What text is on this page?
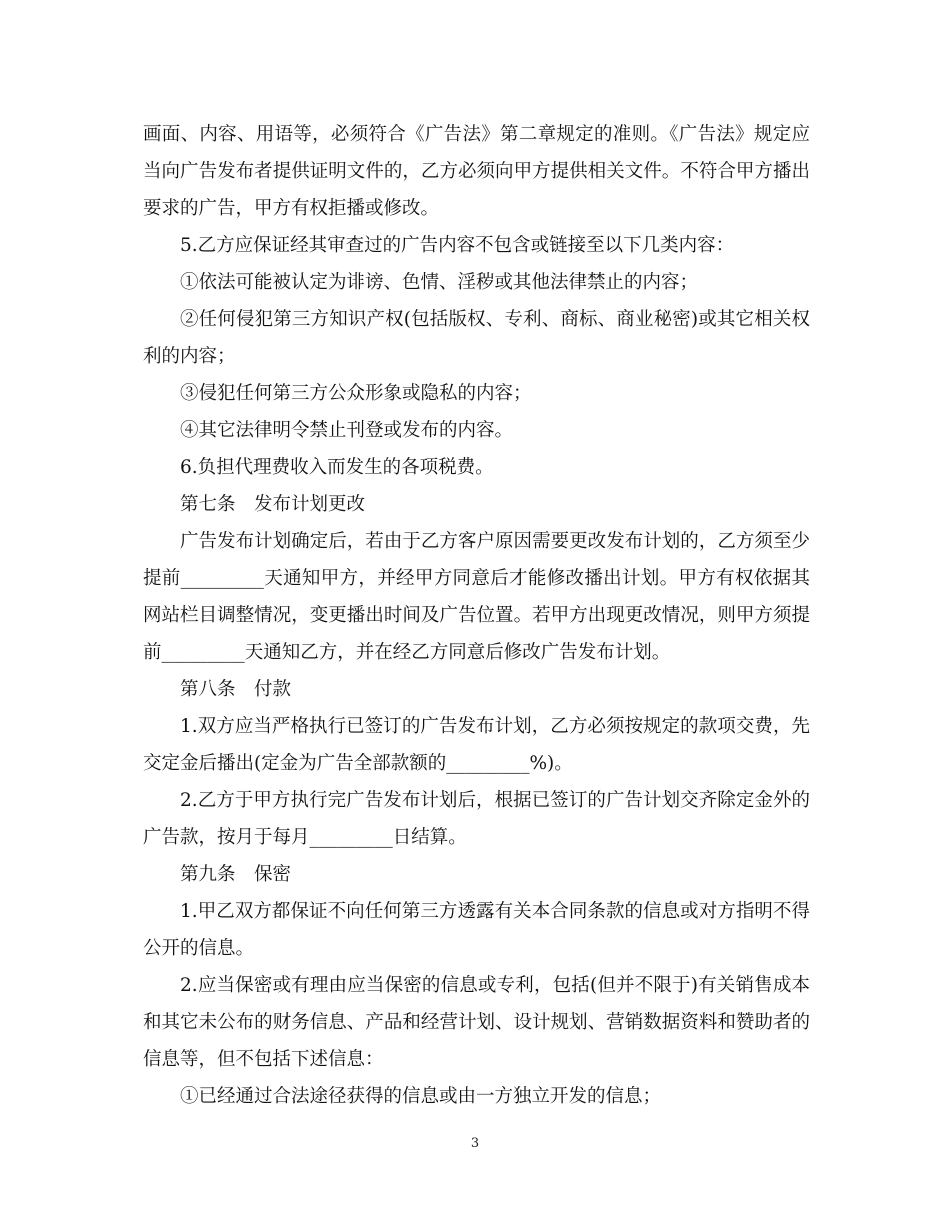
画面、内容、用语等，必须符合《广告法》第二章规定的准则。《广告法》规定应当向广告发布者提供证明文件的，乙方必须向甲方提供相关文件。不符合甲方播出要求的广告，甲方有权拒播或修改。

5.乙方应保证经其审查过的广告内容不包含或链接至以下几类内容：

①依法可能被认定为诽谤、色情、淫秽或其他法律禁止的内容；

②任何侵犯第三方知识产权(包括版权、专利、商标、商业秘密)或其它相关权利的内容；

③侵犯任何第三方公众形象或隐私的内容；

④其它法律明令禁止刊登或发布的内容。

6.负担代理费收入而发生的各项税费。

第七条　发布计划更改

广告发布计划确定后，若由于乙方客户原因需要更改发布计划的，乙方须至少提前_________天通知甲方，并经甲方同意后才能修改播出计划。甲方有权依据其网站栏目调整情况，变更播出时间及广告位置。若甲方出现更改情况，则甲方须提前_________天通知乙方，并在经乙方同意后修改广告发布计划。

第八条　付款

1.双方应当严格执行已签订的广告发布计划，乙方必须按规定的款项交费，先交定金后播出(定金为广告全部款额的_________%)。

2.乙方于甲方执行完广告发布计划后，根据已签订的广告计划交齐除定金外的广告款，按月于每月_________日结算。

第九条　保密

1.甲乙双方都保证不向任何第三方透露有关本合同条款的信息或对方指明不得公开的信息。

2.应当保密或有理由应当保密的信息或专利，包括(但并不限于)有关销售成本和其它未公布的财务信息、产品和经营计划、设计规划、营销数据资料和赞助者的信息等，但不包括下述信息：

①已经通过合法途径获得的信息或由一方独立开发的信息；

3
